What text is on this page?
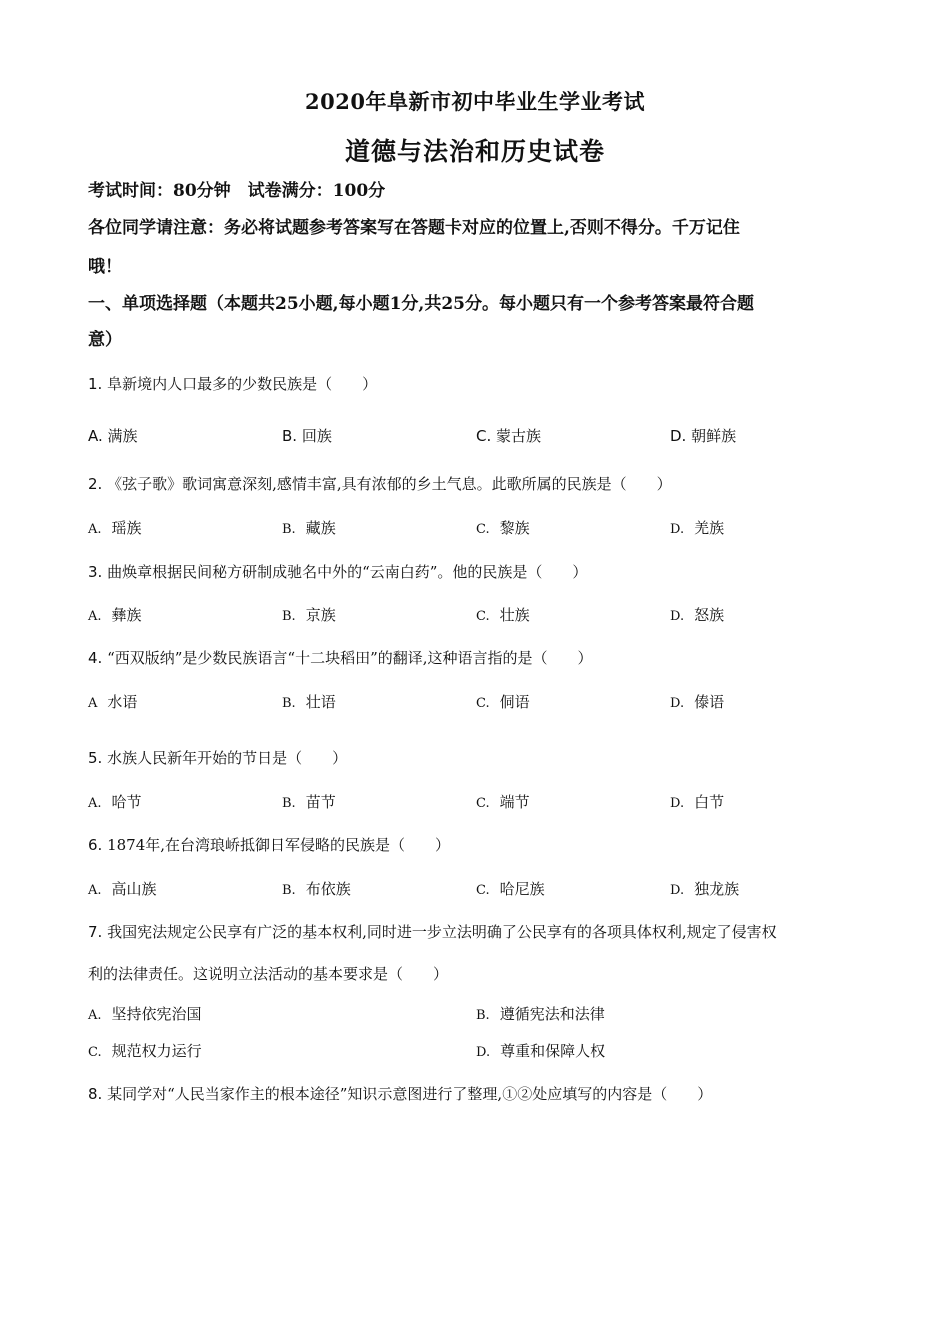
2020年阜新市初中毕业生学业考试
道德与法治和历史试卷
考试时间：80分钟　试卷满分：100分
各位同学请注意：务必将试题参考答案写在答题卡对应的位置上,否则不得分。千万记住
哦！
一、单项选择题（本题共25小题,每小题1分,共25分。每小题只有一个参考答案最符合题
意）
1. 阜新境内人口最多的少数民族是（　　）
A. 满族	B. 回族	C. 蒙古族	D. 朝鲜族
2. 《弦子歌》歌词寓意深刻,感情丰富,具有浓郁的乡土气息。此歌所属的民族是（　　）
A. 瑶族	B. 藏族	C. 黎族	D. 羌族
3. 曲焕章根据民间秘方研制成驰名中外的“云南白药”。他的民族是（　　）
A. 彝族	B. 京族	C. 壮族	D. 怒族
4. “西双版纳”是少数民族语言“十二块稻田”的翻译,这种语言指的是（　　）
A 水语	B. 壮语	C. 侗语	D. 傣语
5. 水族人民新年开始的节日是（　　）
A. 哈节	B. 苗节	C. 端节	D. 白节
6. 1874年,在台湾琅峤抵御日军侵略的民族是（　　）
A. 高山族	B. 布依族	C. 哈尼族	D. 独龙族
7. 我国宪法规定公民享有广泛的基本权利,同时进一步立法明确了公民享有的各项具体权利,规定了侵害权
利的法律责任。这说明立法活动的基本要求是（　　）
A. 坚持依宪治国	B. 遵循宪法和法律
C. 规范权力运行	D. 尊重和保障人权
8. 某同学对“人民当家作主的根本途径”知识示意图进行了整理,①②处应填写的内容是（　　）
